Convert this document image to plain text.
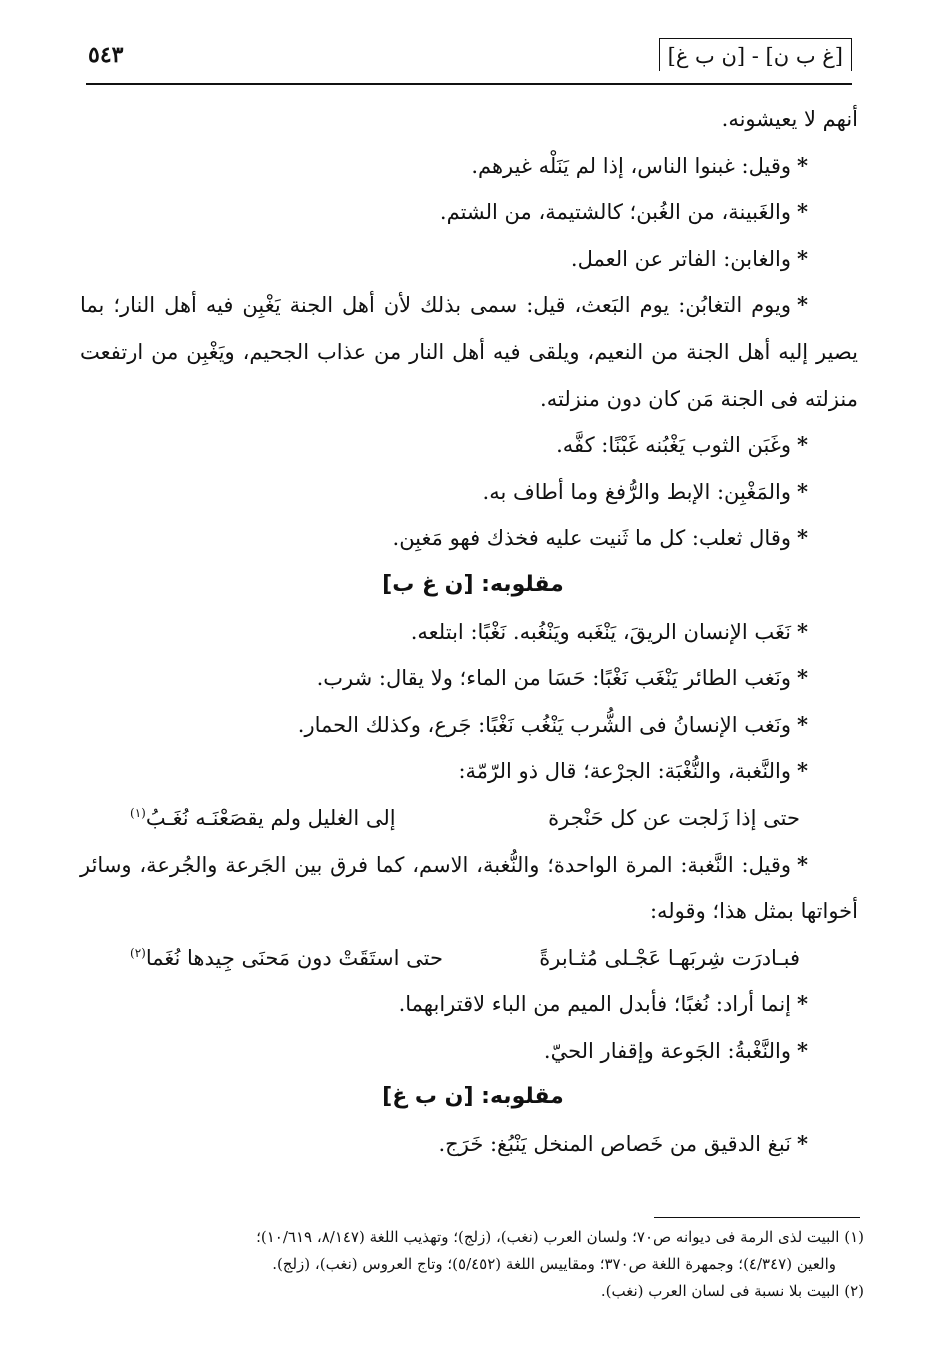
[غ ب ن] - [ن ب غ]
٥٤٣

أنهم لا يعيشونه.

*وقيل: غبنوا الناس، إذا لم يَنَلْه غيرهم.

*والغَبينة، من الغُبن؛ كالشتيمة، من الشتم.

*والغابن: الفاتر عن العمل.

*ويوم التغابُن: يوم البَعث، قيل: سمى بذلك لأن أهل الجنة يَغْبِن فيه أهل النار؛ بما يصير إليه أهل الجنة من النعيم، ويلقى فيه أهل النار من عذاب الجحيم، ويَغْبِن من ارتفعت منزلته فى الجنة مَن كان دون منزلته.

*وغَبَن الثوب يَغْبُنه غَبْنًا: كفَّه.

*والمَغْبِن: الإبط والرُّفغ وما أطاف به.

*وقال ثعلب: كل ما ثَنيت عليه فخذك فهو مَغبِن.

مقلوبه: [ن غ ب]

*نَغَب الإنسان الريقَ، يَنْغَبه ويَنْغُبه. نَغْبًا: ابتلعه.

*ونَغب الطائر يَنْغَب نَغْبًا: حَسَا من الماء؛ ولا يقال: شرب.

*ونَغب الإنسانُ فى الشُّرب يَنْغُب نَغْبًا: جَرع، وكذلك الحمار.

*والنَّغبة، والنُّغْبَة: الجرْعة؛ قال ذو الرّمّة:

حتى إذا زَلجت عن كل حَنْجرة
إلى الغليل ولم يقصَعْنَـه نُغَـبُ$^{(١)}$

*وقيل: النَّغبة: المرة الواحدة؛ والنُّغبة، الاسم، كما فرق بين الجَرعة والجُرعة، وسائر أخواتها بمثل هذا؛ وقوله:

فبـادرَت شِربَهـا عَجْـلى مُثـابرةً
حتى استَقَتْ دون مَحنَى جِيدها نُغَما$^{(٢)}$

*إنما أراد: نُغبًا؛ فأبدل الميم من الباء لاقترابهما.

*والنَّغْبةُ: الجَوعة وإقفار الحيّ.

مقلوبه: [ن ب غ]

*نَبغ الدقيق من خَصاص المنخل يَنْبُغ: خَرَج.

(١) البيت لذى الرمة فى ديوانه ص٧٠؛ ولسان العرب (نغب)، (زلج)؛ وتهذيب اللغة (٨/١٤٧، ١٠/٦١٩)؛

والعين (٤/٣٤٧)؛ وجمهرة اللغة ص٣٧٠؛ ومقاييس اللغة (٥/٤٥٢)؛ وتاج العروس (نغب)، (زلج).

(٢) البيت بلا نسبة فى لسان العرب (نغب).
